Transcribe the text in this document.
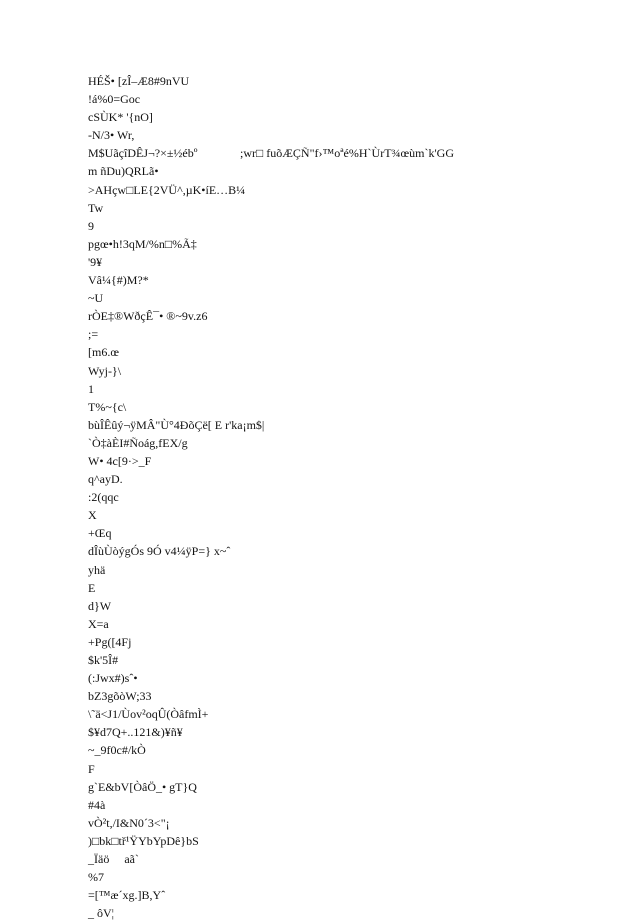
HÉŠ• [zÎ–Æ8#9nVU
!á%0=Goc
cSÙK* '{nO]
-N/3• Wr,
M$UãçîDÊJ¬?×±½ébº	;wr□ fuõÆÇÑ"f›™oªé%H`ÙrT¾œùm`k'GG
m ñDu)QRLã•
>AHçw□LE{2VÜ^,µK•íE…B¼
Tw
9
pgœ•h!3qM/%n□%Ã‡
'9¥
Vâ¼{#)M?*
~U
rÒE‡®WðçÊ¯• ®~9v.z6
;=
[m6.œ
Wyj-}\
1
T%~{c\
bùÎÊûý¬ÿMÂ"Ù°4ÐõÇë[ E r'ka¡m$|
`Ò‡àÈI#Ñoág,fEX/g
W• 4c[9·>_F
q^ayD.
:2(qqc
X
+Œq
dÎùÙòýgÓs 9Ó v4¼ÿP=} x~ˆ
yhä
E
d}W
X=a
+Pg([4Fj
$k'5Î#
(:Jwx#)sˆ•
bZ3gõòW;33
\˜ä<J1/Ùov²oqÛ(ÒâfmÌ+
$¥d7Q+..121&)¥ñ¥
~_9f0c#/kÒ
F
g`E&bV[ÒâÖ_• gT}Q
#4à
vÒ²t,/I&N0´3<"¡
)□bk□tř¹ŸYbYpDê}bS
_Ïäö     aã`
%7
=[™æ´xg.]B,Yˆ
_ ôV¦
